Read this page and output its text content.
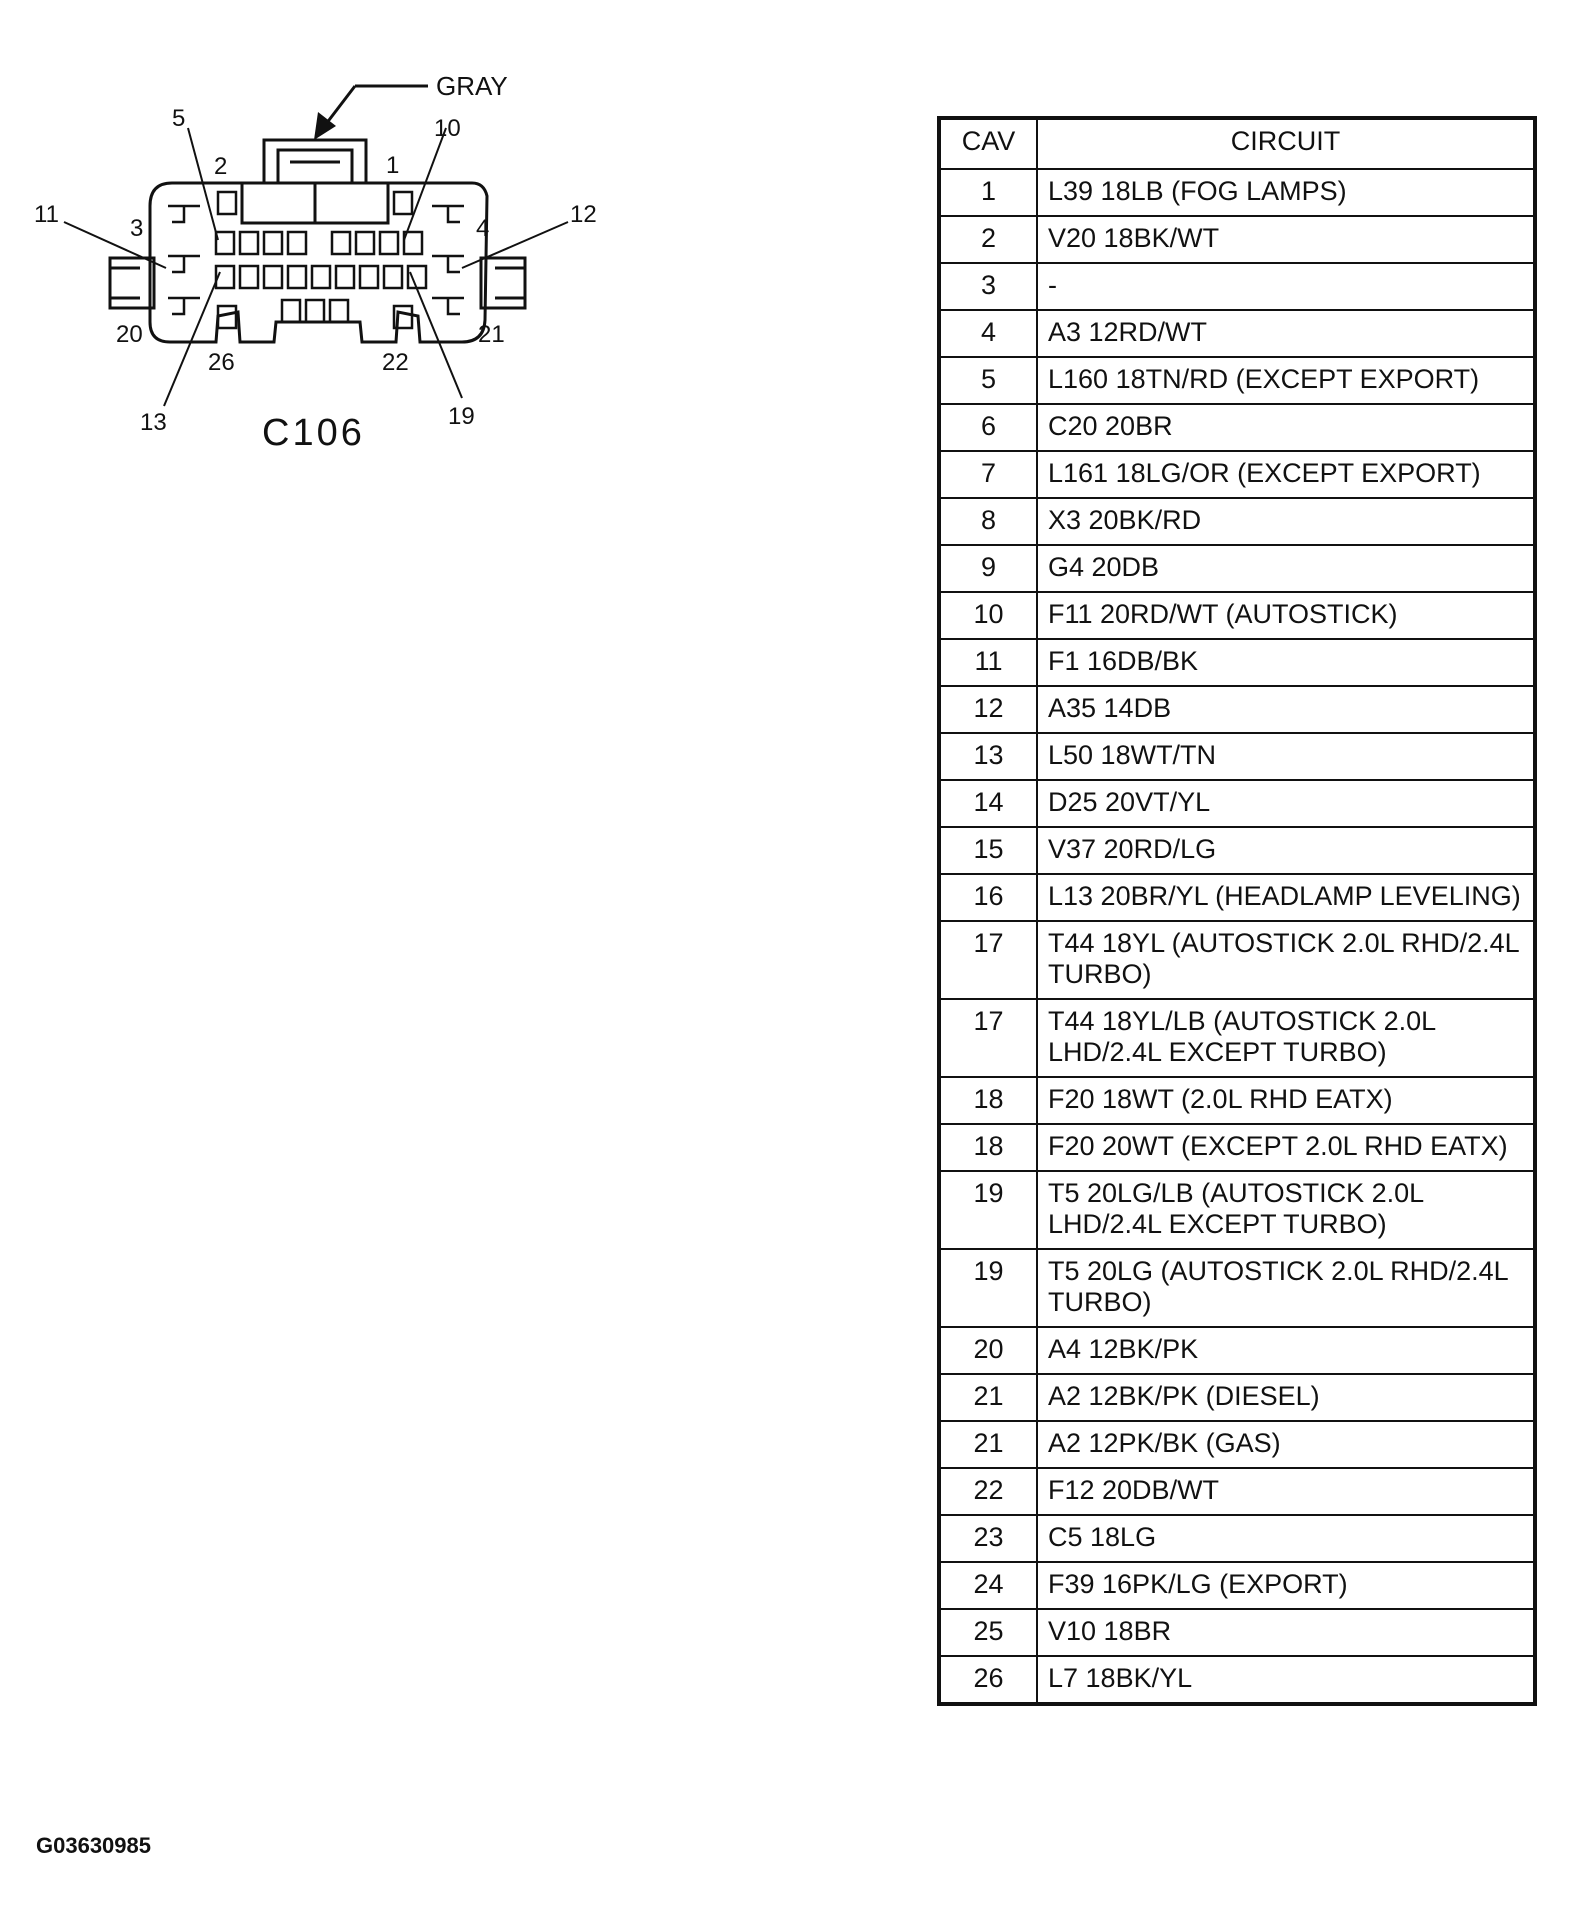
GRAY
1
2
3	4
5	10
11	12
13	19
20	21
22
26
C106
CAV	CIRCUIT
1	L39 18LB (FOG LAMPS)
2	V20 18BK/WT
3	-
4	A3 12RD/WT
5	L160 18TN/RD (EXCEPT EXPORT)
6	C20 20BR
7	L161 18LG/OR (EXCEPT EXPORT)
8	X3 20BK/RD
9	G4 20DB
10	F11 20RD/WT (AUTOSTICK)
11	F1 16DB/BK
12	A35 14DB
13	L50 18WT/TN
14	D25 20VT/YL
15	V37 20RD/LG
16	L13 20BR/YL (HEADLAMP LEVELING)
17	T44 18YL (AUTOSTICK 2.0L RHD/2.4L TURBO)
17	T44 18YL/LB (AUTOSTICK 2.0L LHD/2.4L EXCEPT TURBO)
18	F20 18WT (2.0L RHD EATX)
18	F20 20WT (EXCEPT 2.0L RHD EATX)
19	T5 20LG/LB (AUTOSTICK 2.0L LHD/2.4L EXCEPT TURBO)
19	T5 20LG (AUTOSTICK 2.0L RHD/2.4L TURBO)
20	A4 12BK/PK
21	A2 12BK/PK (DIESEL)
21	A2 12PK/BK (GAS)
22	F12 20DB/WT
23	C5 18LG
24	F39 16PK/LG (EXPORT)
25	V10 18BR
26	L7 18BK/YL
G03630985
